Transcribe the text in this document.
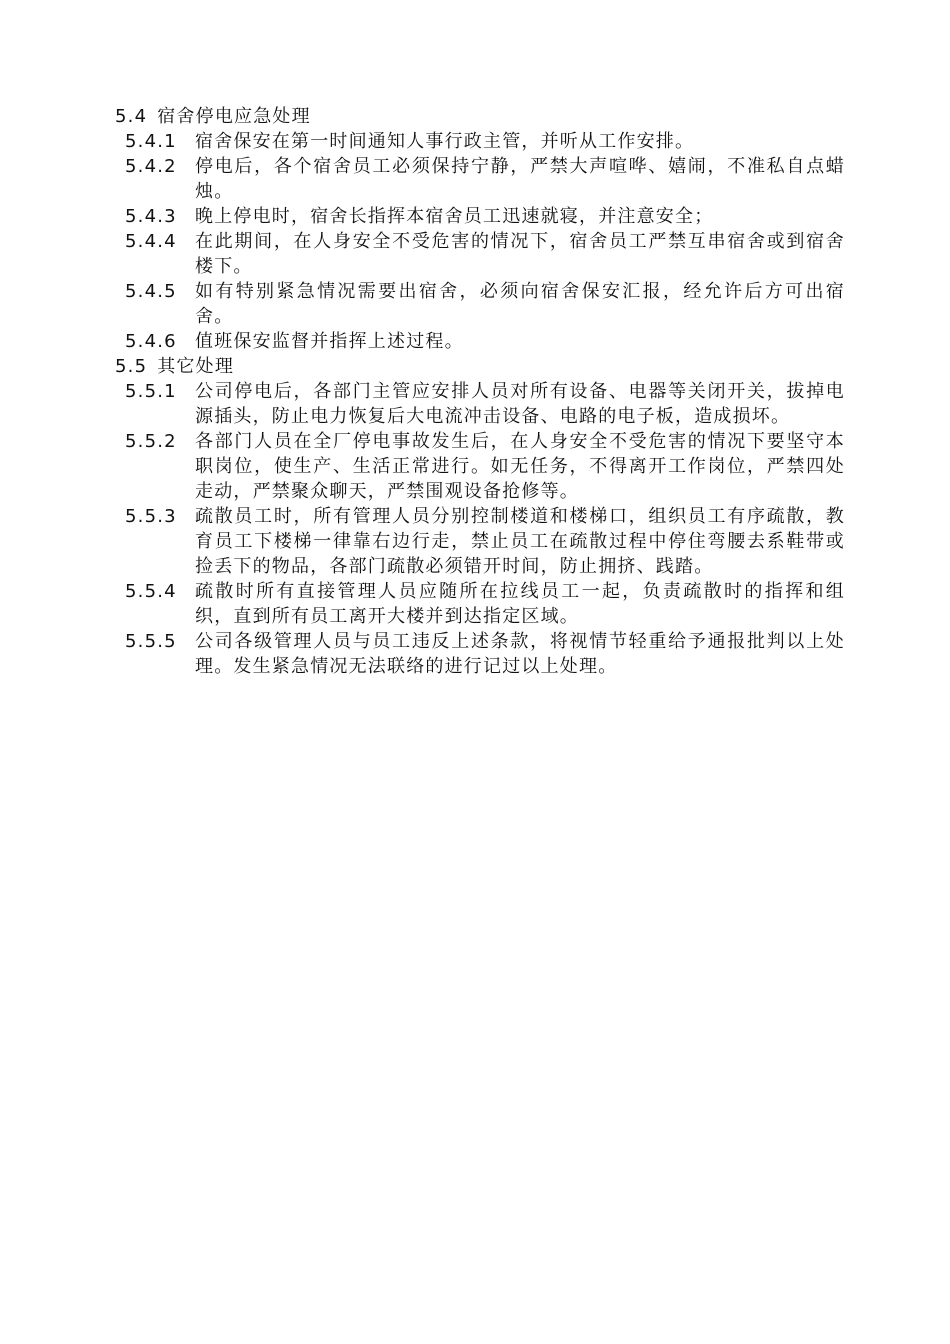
5.4 宿舍停电应急处理
5.4.1 宿舍保安在第一时间通知人事行政主管，并听从工作安排。
5.4.2 停电后，各个宿舍员工必须保持宁静，严禁大声喧哗、嬉闹，不准私自点蜡烛。
5.4.3 晚上停电时，宿舍长指挥本宿舍员工迅速就寝，并注意安全；
5.4.4 在此期间，在人身安全不受危害的情况下，宿舍员工严禁互串宿舍或到宿舍楼下。
5.4.5 如有特别紧急情况需要出宿舍，必须向宿舍保安汇报，经允许后方可出宿舍。
5.4.6 值班保安监督并指挥上述过程。
5.5 其它处理
5.5.1 公司停电后，各部门主管应安排人员对所有设备、电器等关闭开关，拔掉电源插头，防止电力恢复后大电流冲击设备、电路的电子板，造成损坏。
5.5.2 各部门人员在全厂停电事故发生后，在人身安全不受危害的情况下要坚守本职岗位，使生产、生活正常进行。如无任务，不得离开工作岗位，严禁四处走动，严禁聚众聊天，严禁围观设备抢修等。
5.5.3 疏散员工时，所有管理人员分别控制楼道和楼梯口，组织员工有序疏散，教育员工下楼梯一律靠右边行走，禁止员工在疏散过程中停住弯腰去系鞋带或捡丢下的物品，各部门疏散必须错开时间，防止拥挤、践踏。
5.5.4 疏散时所有直接管理人员应随所在拉线员工一起，负责疏散时的指挥和组织，直到所有员工离开大楼并到达指定区域。
5.5.5 公司各级管理人员与员工违反上述条款，将视情节轻重给予通报批判以上处理。发生紧急情况无法联络的进行记过以上处理。
